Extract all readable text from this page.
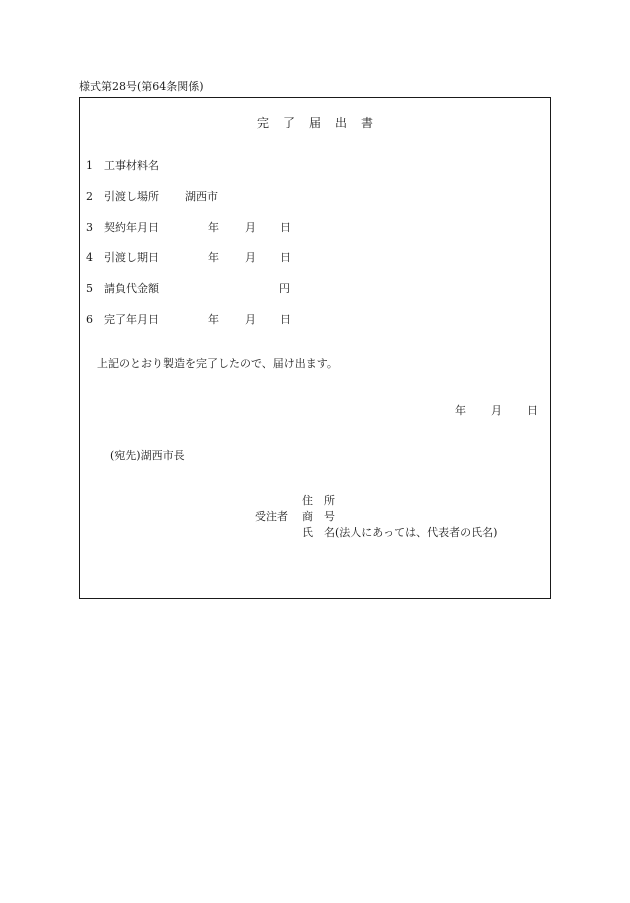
様式第28号(第64条関係)
完了届出書
1 工事材料名
2 引渡し場所 湖西市
3 契約年月日	年 月 日
4 引渡し期日	年 月 日
5 請負代金額	円
6 完了年月日	年 月 日
上記のとおり製造を完了したので、届け出ます。
年 月 日
(宛先)湖西市長
受注者
住　所
商　号
氏　名(法人にあっては、代表者の氏名)
